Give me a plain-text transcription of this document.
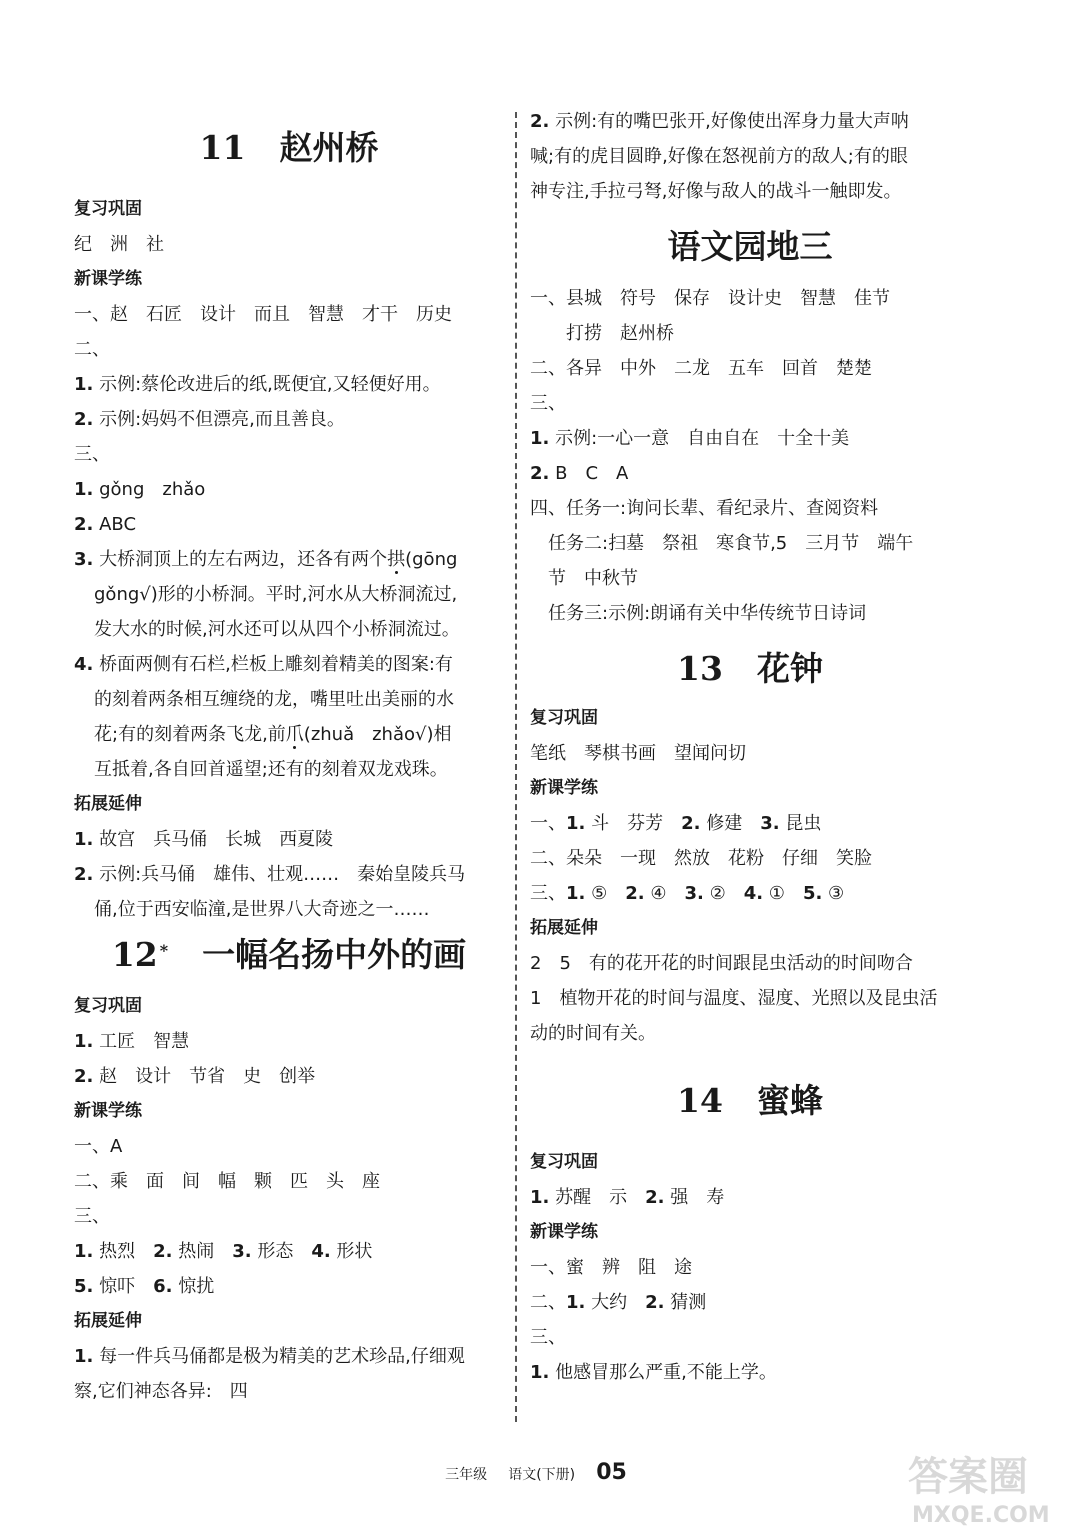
11 赵州桥
复习巩固
纪　洲　社
新课学练
一、赵　石匠　设计　而且　智慧　才干　历史
二、
1. 示例:蔡伦改进后的纸,既便宜,又轻便好用。
2. 示例:妈妈不但漂亮,而且善良。
三、
1. gǒng　zhǎo
2. ABC
3. 大桥洞顶上的左右两边，还各有两个拱(gōng
gǒng√)形的小桥洞。平时,河水从大桥洞流过,
发大水的时候,河水还可以从四个小桥洞流过。
4. 桥面两侧有石栏,栏板上雕刻着精美的图案:有
的刻着两条相互缠绕的龙，嘴里吐出美丽的水
花;有的刻着两条飞龙,前爪(zhuǎ　zhǎo√)相
互抵着,各自回首遥望;还有的刻着双龙戏珠。
拓展延伸
1. 故宫　兵马俑　长城　西夏陵
2. 示例:兵马俑　雄伟、壮观……　秦始皇陵兵马
俑,位于西安临潼,是世界八大奇迹之一……
12 * 一幅名扬中外的画
复习巩固
1. 工匠　智慧
2. 赵　设计　节省　史　创举
新课学练
一、A
二、乘　面　间　幅　颗　匹　头　座
三、
1. 热烈　2. 热闹　3. 形态　4. 形状
5. 惊吓　6. 惊扰
拓展延伸
1. 每一件兵马俑都是极为精美的艺术珍品,仔细观
察,它们神态各异:　四
2. 示例:有的嘴巴张开,好像使出浑身力量大声呐
喊;有的虎目圆睁,好像在怒视前方的敌人;有的眼
神专注,手拉弓弩,好像与敌人的战斗一触即发。
语文园地三
一、县城　符号　保存　设计史　智慧　佳节
　　打捞　赵州桥
二、各异　中外　二龙　五车　回首　楚楚
三、
1. 示例:一心一意　自由自在　十全十美
2. B　C　A
四、任务一:询问长辈、看纪录片、查阅资料
　任务二:扫墓　祭祖　寒食节,5　三月节　端午
　节　中秋节
　任务三:示例:朗诵有关中华传统节日诗词
13 花钟
复习巩固
笔纸　琴棋书画　望闻问切
新课学练
一、1. 斗　芬芳　2. 修建　3. 昆虫
二、朵朵　一现　然放　花粉　仔细　笑脸
三、1. ⑤　2. ④　3. ②　4. ①　5. ③
拓展延伸
2　5　有的花开花的时间跟昆虫活动的时间吻合
1　植物开花的时间与温度、湿度、光照以及昆虫活
动的时间有关。
14 蜜蜂
复习巩固
1. 苏醒　示　2. 强　寿
新课学练
一、蜜　辨　阻　途
二、1. 大约　2. 猜测
三、
1. 他感冒那么严重,不能上学。
三年级 语文(下册) 05	答案圈
MXQE.COM
